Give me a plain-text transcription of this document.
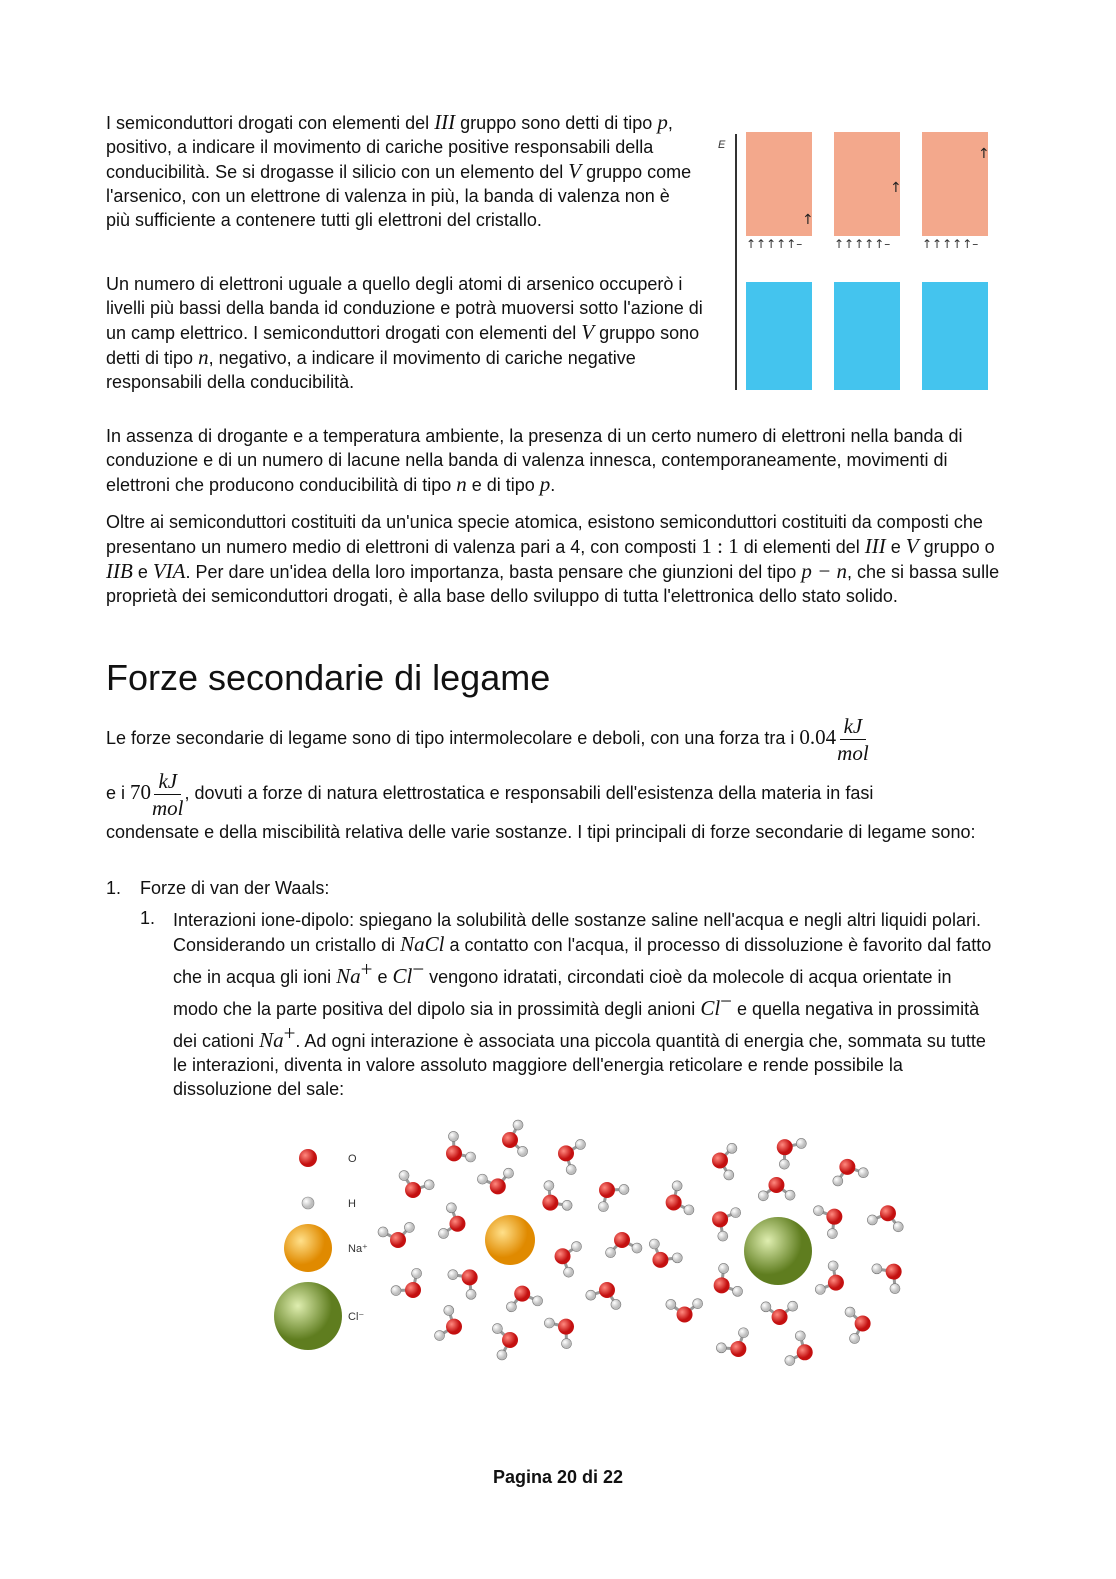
I semiconduttori drogati con elementi del III gruppo sono detti di tipo p, positivo, a indicare il movimento di cariche positive responsabili della conducibilità. Se si drogasse il silicio con un elemento del V gruppo come l'arsenico, con un elettrone di valenza in più, la banda di valenza non è più sufficiente a contenere tutti gli elettroni del cristallo.

E
↑↑↑↑↑–	↑↑↑↑↑–	↑↑↑↑↑–
↑
↑
↑

Un numero di elettroni uguale a quello degli atomi di arsenico occuperò i livelli più bassi della banda id conduzione e potrà muoversi sotto l'azione di un camp elettrico. I semiconduttori drogati con elementi del V gruppo sono detti di tipo n, negativo, a indicare il movimento di cariche negative responsabili della conducibilità.

In assenza di drogante e a temperatura ambiente, la presenza di un certo numero di elettroni nella banda di conduzione e di un numero di lacune nella banda di valenza innesca, contemporaneamente, movimenti di elettroni che producono conducibilità di tipo n e di tipo p.

Oltre ai semiconduttori costituiti da un'unica specie atomica, esistono semiconduttori costituiti da composti che presentano un numero medio di elettroni di valenza pari a 4, con composti 1 : 1 di elementi del III e V gruppo o IIB e VIA. Per dare un'idea della loro importanza, basta pensare che giunzioni del tipo p − n, che si bassa sulle proprietà dei semiconduttori drogati, è alla base dello sviluppo di tutta l'elettronica dello stato solido.

Forze secondarie di legame
Le forze secondarie di legame sono di tipo intermolecolare e deboli, con una forza tra i $0.04 \frac{kJ}{\text{mol}}$
e i $70 \frac{kJ}{\text{mol}}$ , dovuti a forze di natura elettrostatica e responsabili dell'esistenza della materia in fasi

condensate e della miscibilità relativa delle varie sostanze. I tipi principali di forze secondarie di legame sono:

1. Forze di van der Waals:

1. Interazioni ione-dipolo: spiegano la solubilità delle sostanze saline nell'acqua e negli altri liquidi polari. Considerando un cristallo di NaCl a contatto con l'acqua, il processo di dissoluzione è favorito dal fatto che in acqua gli ioni Na+ e Cl− vengono idratati, circondati cioè da molecole di acqua orientate in modo che la parte positiva del dipolo sia in prossimità degli anioni Cl− e quella negativa in prossimità dei cationi Na+. Ad ogni interazione è associata una piccola quantità di energia che, sommata su tutte le interazioni, diventa in valore assoluto maggiore dell'energia reticolare e rende possibile la dissoluzione del sale:

O
H
Na⁺
Cl⁻
Pagina 20 di 22
